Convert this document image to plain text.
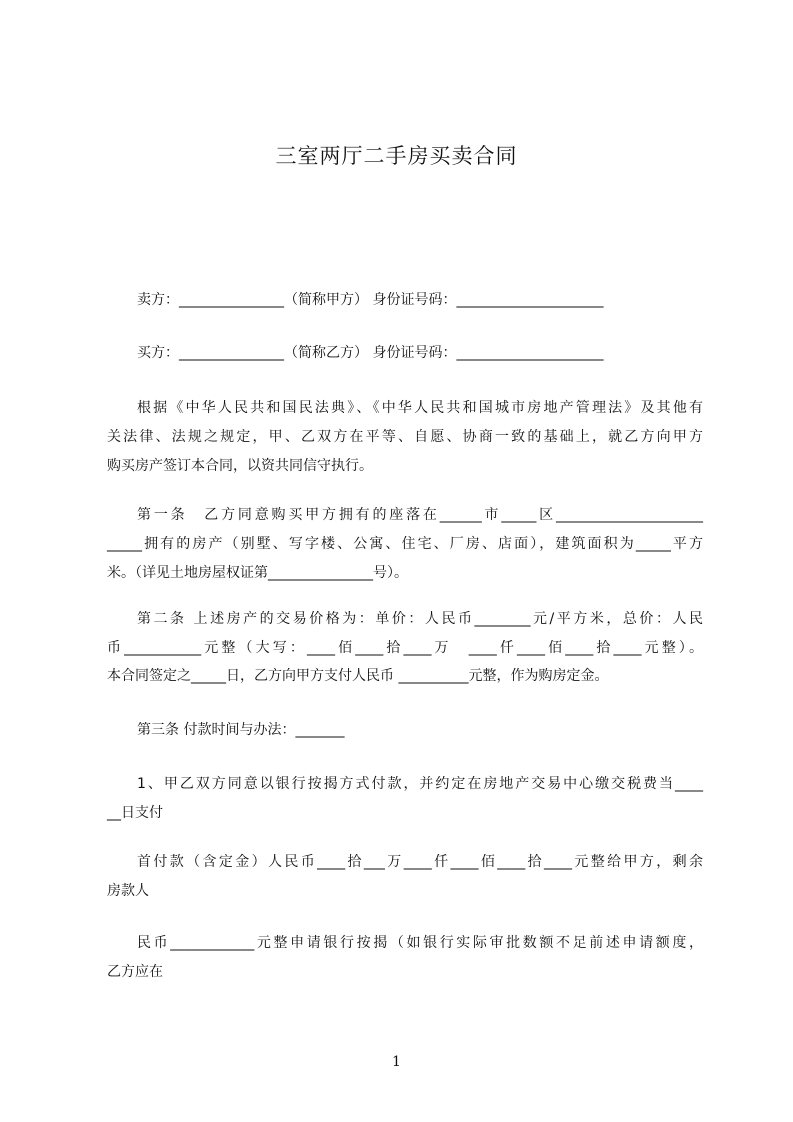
三室两厅二手房买卖合同

卖方：_______________（简称甲方） 身份证号码：_____________________

买方：_______________（简称乙方） 身份证号码：_____________________

根据《中华人民共和国民法典》、《中华人民共和国城市房地产管理法》及其他有

关法律、法规之规定，甲、乙双方在平等、自愿、协商一致的基础上，就乙方向甲方

购买房产签订本合同，以资共同信守执行。

第一条　乙方同意购买甲方拥有的座落在______市_____区_____________________

_____拥有的房产（别墅、写字楼、公寓、住宅、厂房、店面），建筑面积为_____平方

米。（详见土地房屋权证第_______________号）。

第二条 上述房产的交易价格为：单价：人民币________元/平方米，总价：人民

币___________元整（大写：____佰____拾____万　____仟____佰____拾____元整）。

本合同签定之_____日，乙方向甲方支付人民币 __________元整，作为购房定金。

第三条 付款时间与办法：_______

1、甲乙双方同意以银行按揭方式付款，并约定在房地产交易中心缴交税费当____

__日支付

首付款（含定金）人民币____拾___万____仟____佰____拾____元整给甲方，剩余

房款人

民币____________元整申请银行按揭（如银行实际审批数额不足前述申请额度，

乙方应在

1
